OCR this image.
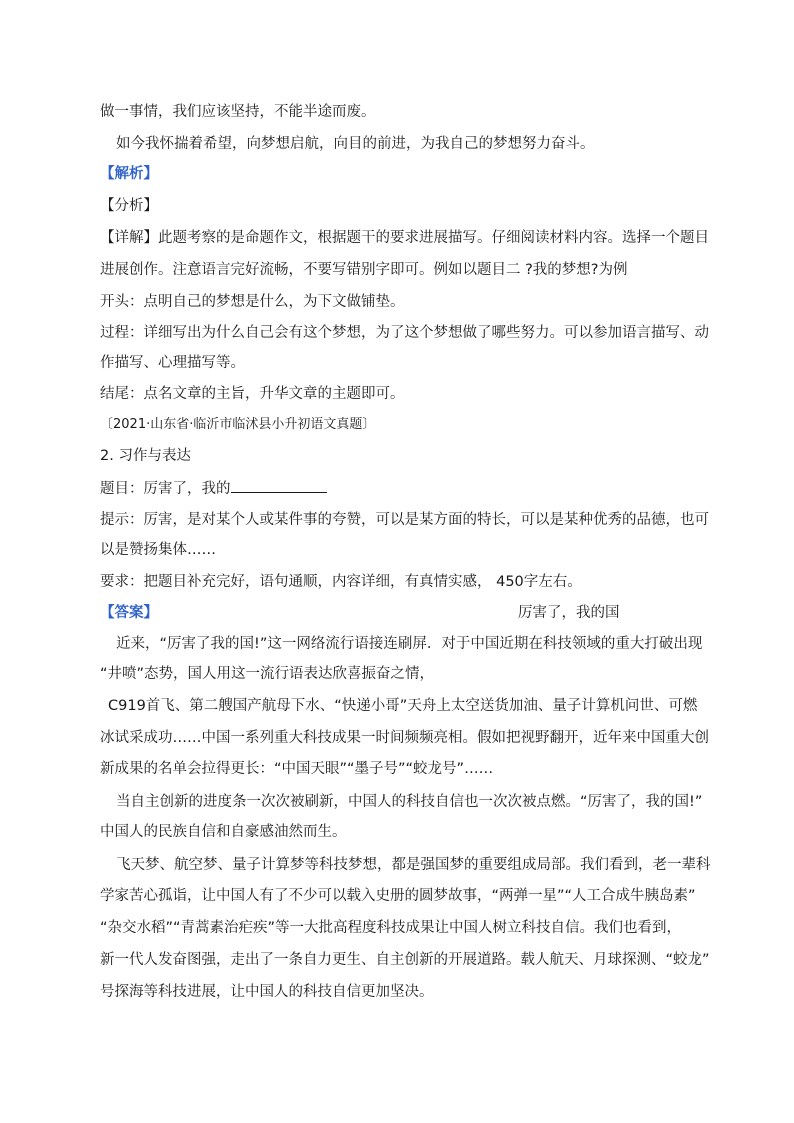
做一事情，我们应该坚持，不能半途而废。
如今我怀揣着希望，向梦想启航，向目的前进，为我自己的梦想努力奋斗。
【解析】
【分析】
【详解】此题考察的是命题作文，根据题干的要求进展描写。仔细阅读材料内容。选择一个题目
进展创作。注意语言完好流畅，不要写错别字即可。例如以题目二 ?我的梦想?为例
开头：点明自己的梦想是什么，为下文做铺垫。
过程：详细写出为什么自己会有这个梦想，为了这个梦想做了哪些努力。可以参加语言描写、动
作描写、心理描写等。
结尾：点名文章的主旨，升华文章的主题即可。
〔2021·山东省·临沂市临沭县小升初语文真题〕
2. 习作与表达
题目：厉害了，我的
提示：厉害，是对某个人或某件事的夸赞，可以是某方面的特长，可以是某种优秀的品德，也可
以是赞扬集体……
要求：把题目补充完好，语句通顺，内容详细，有真情实感， 450字左右。
【答案】	厉害了，我的国
近来，“厉害了我的国!”这一网络流行语接连刷屏．对于中国近期在科技领域的重大打破出现
“井喷”态势，国人用这一流行语表达欣喜振奋之情，
C919首飞、第二艘国产航母下水、“快递小哥”天舟上太空送货加油、量子计算机问世、可燃
冰试采成功……中国一系列重大科技成果一时间频频亮相。假如把视野翻开，近年来中国重大创
新成果的名单会拉得更长：“中国天眼”“墨子号”“蛟龙号”……
当自主创新的进度条一次次被刷新，中国人的科技自信也一次次被点燃。“厉害了，我的国!”
中国人的民族自信和自豪感油然而生。
飞天梦、航空梦、量子计算梦等科技梦想，都是强国梦的重要组成局部。我们看到，老一辈科
学家苦心孤诣，让中国人有了不少可以载入史册的圆梦故事，“两弹一星”“人工合成牛胰岛素”
“杂交水稻”“青蒿素治疟疾”等一大批高程度科技成果让中国人树立科技自信。我们也看到，
新一代人发奋图强，走出了一条自力更生、自主创新的开展道路。载人航天、月球探测、“蛟龙”
号探海等科技进展，让中国人的科技自信更加坚决。
